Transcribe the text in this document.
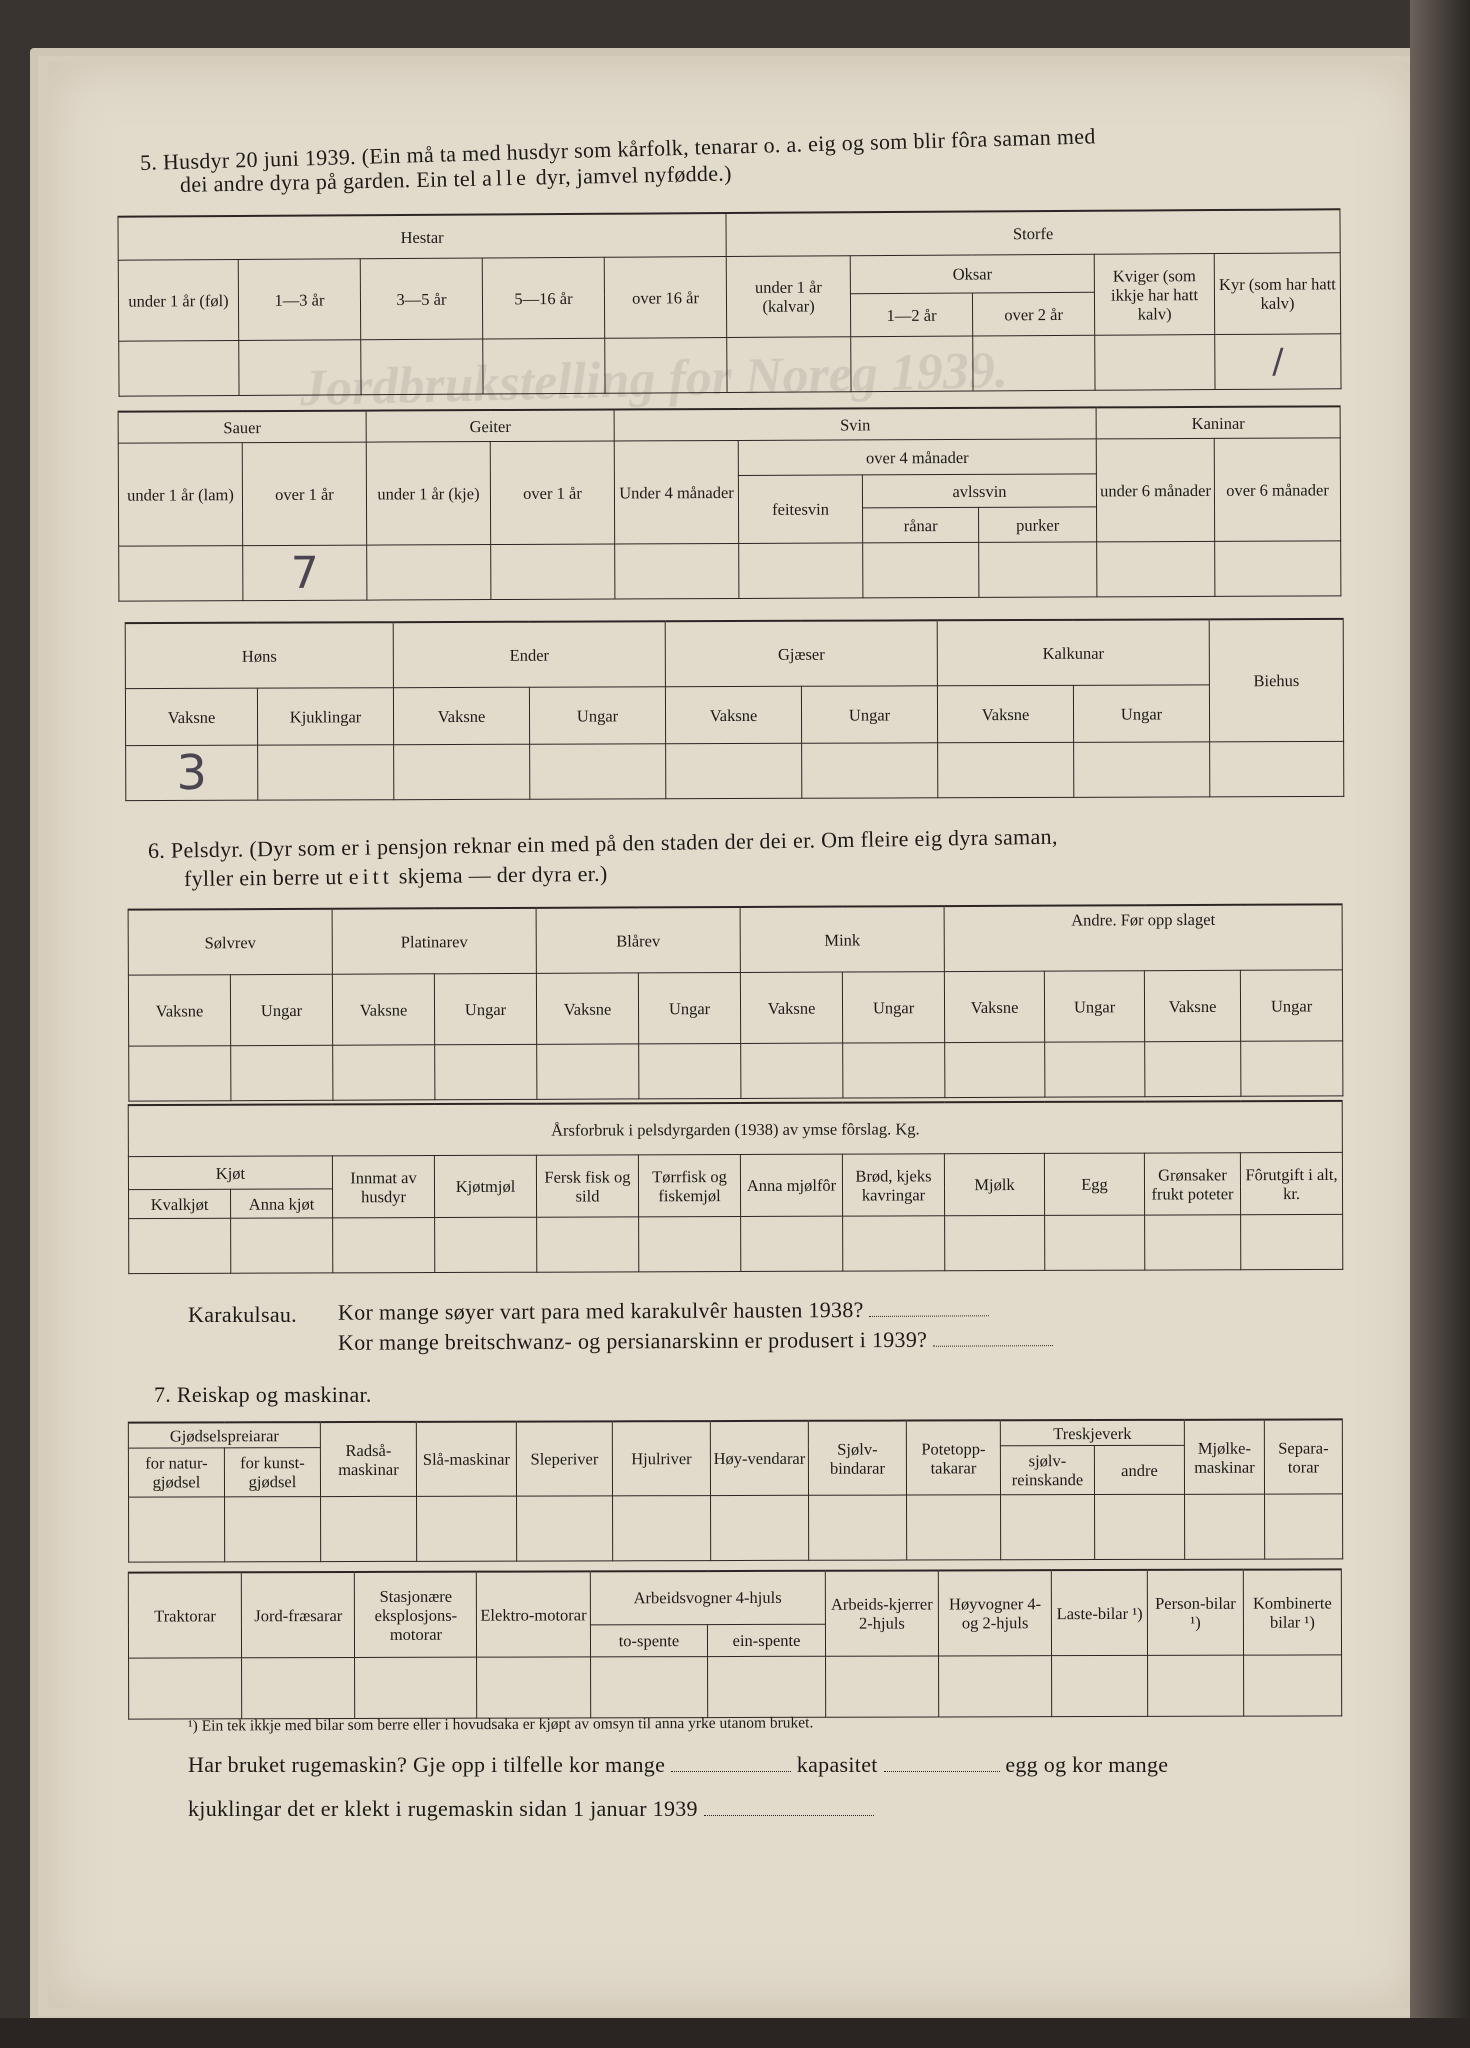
Jordbrukstelling for Noreg 1939.
5. Husdyr 20 juni 1939. (Ein må ta med husdyr som kårfolk, tenarar o. a. eig og som blir fôra saman med
dei andre dyra på garden. Ein tel alle dyr, jamvel nyfødde.)
Hestar					Storfe				
under 1 år (føl)	1—3 år	3—5 år	5—16 år	over 16 år	under 1 år (kalvar)	Oksar		Kviger (som ikkje har hatt kalv)	Kyr (som har hatt kalv)
						1—2 år	over 2 år		
									/
Sauer		Geiter		Svin				Kaninar	
under 1 år (lam)	over 1 år	under 1 år (kje)	over 1 år	Under 4 månader	over 4 månader			under 6 månader	over 6 månader
					feitesvin	avlssvin			
						rånar	purker		
	7								
Høns		Ender		Gjæser		Kalkunar		Biehus
Vaksne	Kjuklingar	Vaksne	Ungar	Vaksne	Ungar	Vaksne	Ungar	
3								
6. Pelsdyr. (Dyr som er i pensjon reknar ein med på den staden der dei er. Om fleire eig dyra saman,
fyller ein berre ut eitt skjema — der dyra er.)
Sølvrev		Platinarev		Blårev		Mink		Andre. Før opp slaget			
Vaksne	Ungar	Vaksne	Ungar	Vaksne	Ungar	Vaksne	Ungar	Vaksne	Ungar	Vaksne	Ungar

Årsforbruk i pelsdyrgarden (1938) av ymse fôrslag. Kg.											
Kjøt		Innmat av husdyr	Kjøtmjøl	Fersk fisk og sild	Tørrfisk og fiskemjøl	Anna mjølfôr	Brød, kjeks kavringar	Mjølk	Egg	Grønsaker frukt poteter	Fôrutgift i alt, kr.
Kvalkjøt	Anna kjøt										

Karakulsau. Kor mange søyer vart para med karakulvêr hausten 1938?
Kor mange breitschwanz- og persianarskinn er produsert i 1939?
7. Reiskap og maskinar.
Gjødselspreiarar		Radså-maskinar	Slå-maskinar	Sleperiver	Hjulriver	Høy-vendarar	Sjølv-bindarar	Potetopp-takarar	Treskjeverk		Mjølke-maskinar	Separa-torar
for natur-gjødsel	for kunst-gjødsel								sjølv-reinskande	andre		

Traktorar	Jord-fræsarar	Stasjonære eksplosjons-motorar	Elektro-motorar	Arbeidsvogner 4-hjuls		Arbeids-kjerrer 2-hjuls	Høyvogner 4- og 2-hjuls	Laste-bilar ¹)	Person-bilar ¹)	Kombinerte bilar ¹)
				to-spente	ein-spente					

¹) Ein tek ikkje med bilar som berre eller i hovudsaka er kjøpt av omsyn til anna yrke utanom bruket.
Har bruket rugemaskin? Gje opp i tilfelle kor mange	kapasitet	egg og kor mange
kjuklingar det er klekt i rugemaskin sidan 1 januar 1939
